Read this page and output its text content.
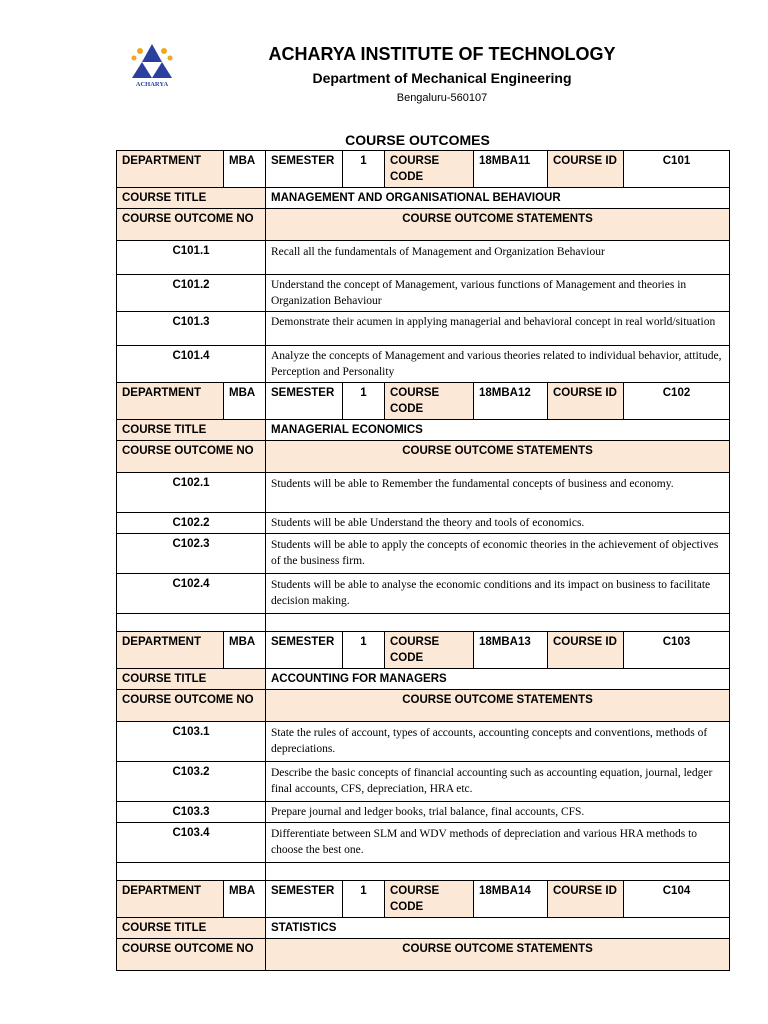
ACHARYA
ACHARYA INSTITUTE OF TECHNOLOGY
Department of Mechanical Engineering
Bengaluru-560107
COURSE OUTCOMES
DEPARTMENT	MBA	SEMESTER	1	COURSE CODE	18MBA11	COURSE ID	C101
COURSE TITLE		MANAGEMENT AND ORGANISATIONAL BEHAVIOUR					
COURSE OUTCOME NO		COURSE OUTCOME STATEMENTS					
C101.1		Recall all the fundamentals of Management and Organization Behaviour					
C101.2		Understand the concept of Management, various functions of Management and theories in Organization Behaviour					
C101.3		Demonstrate their acumen in applying managerial and behavioral concept in real world/situation					
C101.4		Analyze the concepts of Management and various theories related to individual behavior, attitude, Perception and Personality					
DEPARTMENT	MBA	SEMESTER	1	COURSE CODE	18MBA12	COURSE ID	C102
COURSE TITLE		MANAGERIAL ECONOMICS					
COURSE OUTCOME NO		COURSE OUTCOME STATEMENTS					
C102.1		Students will be able to Remember the fundamental concepts of business and economy.					
C102.2		Students will be able Understand the theory and tools of economics.					
C102.3		Students will be able to apply the concepts of economic theories in the achievement of objectives of the business firm.					
C102.4		Students will be able to analyse the economic conditions and its impact on business to facilitate decision making.					

DEPARTMENT	MBA	SEMESTER	1	COURSE CODE	18MBA13	COURSE ID	C103
COURSE TITLE		ACCOUNTING FOR MANAGERS					
COURSE OUTCOME NO		COURSE OUTCOME STATEMENTS					
C103.1		State the rules of account, types of accounts, accounting concepts and conventions, methods of depreciations.					
C103.2		Describe the basic concepts of financial accounting such as accounting equation, journal, ledger final accounts, CFS, depreciation, HRA etc.					
C103.3		Prepare journal and ledger books, trial balance, final accounts, CFS.					
C103.4		Differentiate between SLM and WDV methods of depreciation and various HRA methods to choose the best one.					

DEPARTMENT	MBA	SEMESTER	1	COURSE CODE	18MBA14	COURSE ID	C104
COURSE TITLE		STATISTICS					
COURSE OUTCOME NO		COURSE OUTCOME STATEMENTS					
